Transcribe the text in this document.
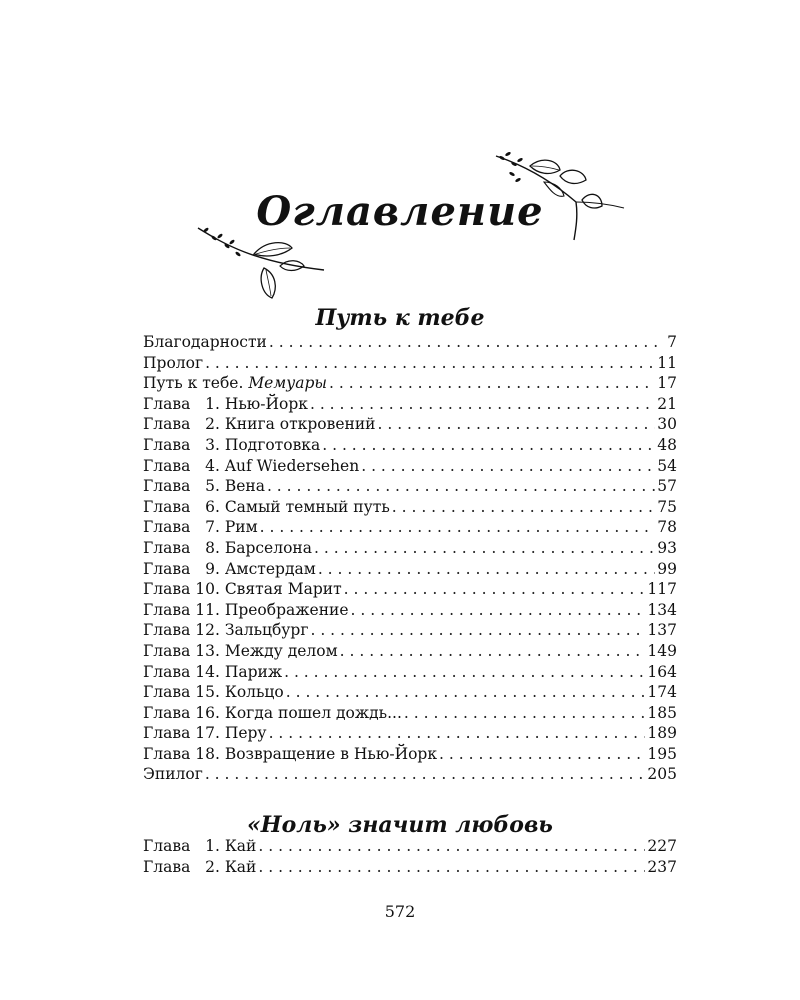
Оглавление
Путь к тебе
Благодарности . . .	7
Пролог . . .	11
Путь к тебе. Мемуары . . .	17
Глава   1. Нью-Йорк . . .	21
Глава   2. Книга откровений . . .	30
Глава   3. Подготовка . . .	48
Глава   4. Auf Wiedersehen . . .	54
Глава   5. Вена . . .	57
Глава   6. Самый темный путь . . .	75
Глава   7. Рим . . .	78
Глава   8. Барселона . . .	93
Глава   9. Амстердам . . .	99
Глава 10. Святая Марит . . .	117
Глава 11. Преображение . . .	134
Глава 12. Зальцбург . . .	137
Глава 13. Между делом . . .	149
Глава 14. Париж . . .	164
Глава 15. Кольцо . . .	174
Глава 16. Когда пошел дождь... . . .	185
Глава 17. Перу . . .	189
Глава 18. Возвращение в Нью-Йорк . . .	195
Эпилог . . .	205
«Ноль» значит любовь
Глава   1. Кай . . .	227
Глава   2. Кай . . .	237

572
